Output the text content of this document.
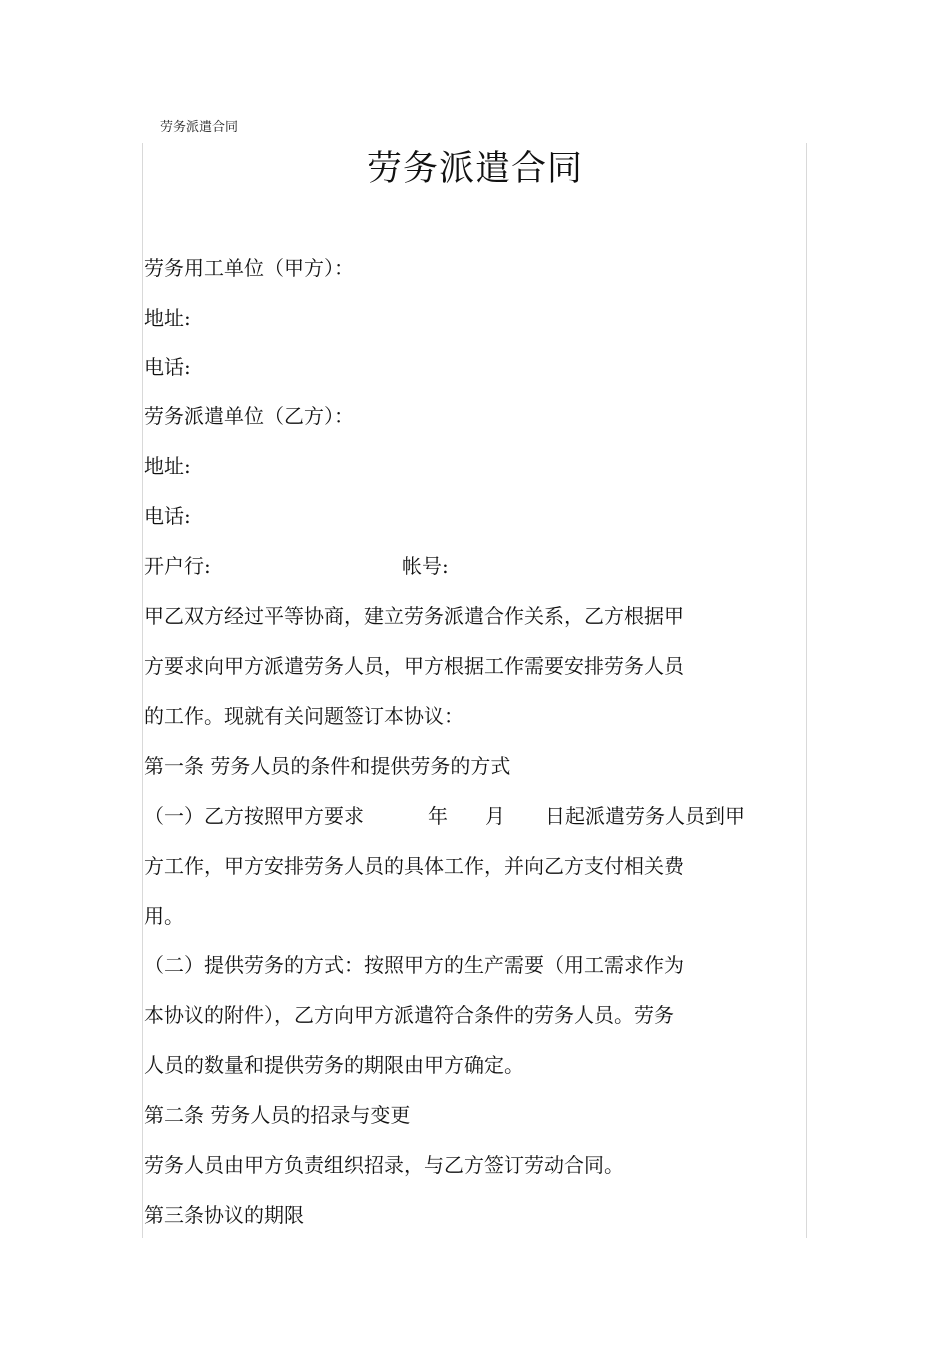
劳务派遣合同
劳务派遣合同
劳务用工单位（甲方）：
地址:
电话:
劳务派遣单位（乙方）：
地址:
电话:
开户行:	帐号:
甲乙双方经过平等协商，建立劳务派遣合作关系，乙方根据甲
方要求向甲方派遣劳务人员，甲方根据工作需要安排劳务人员
的工作。现就有关问题签订本协议：
第一条 劳务人员的条件和提供劳务的方式
（一）乙方按照甲方要求	年 月 日起派遣劳务人员到甲
方工作，甲方安排劳务人员的具体工作，并向乙方支付相关费
用。
（二）提供劳务的方式：按照甲方的生产需要（用工需求作为
本协议的附件），乙方向甲方派遣符合条件的劳务人员。劳务
人员的数量和提供劳务的期限由甲方确定。
第二条 劳务人员的招录与变更
劳务人员由甲方负责组织招录，与乙方签订劳动合同。
第三条协议的期限
